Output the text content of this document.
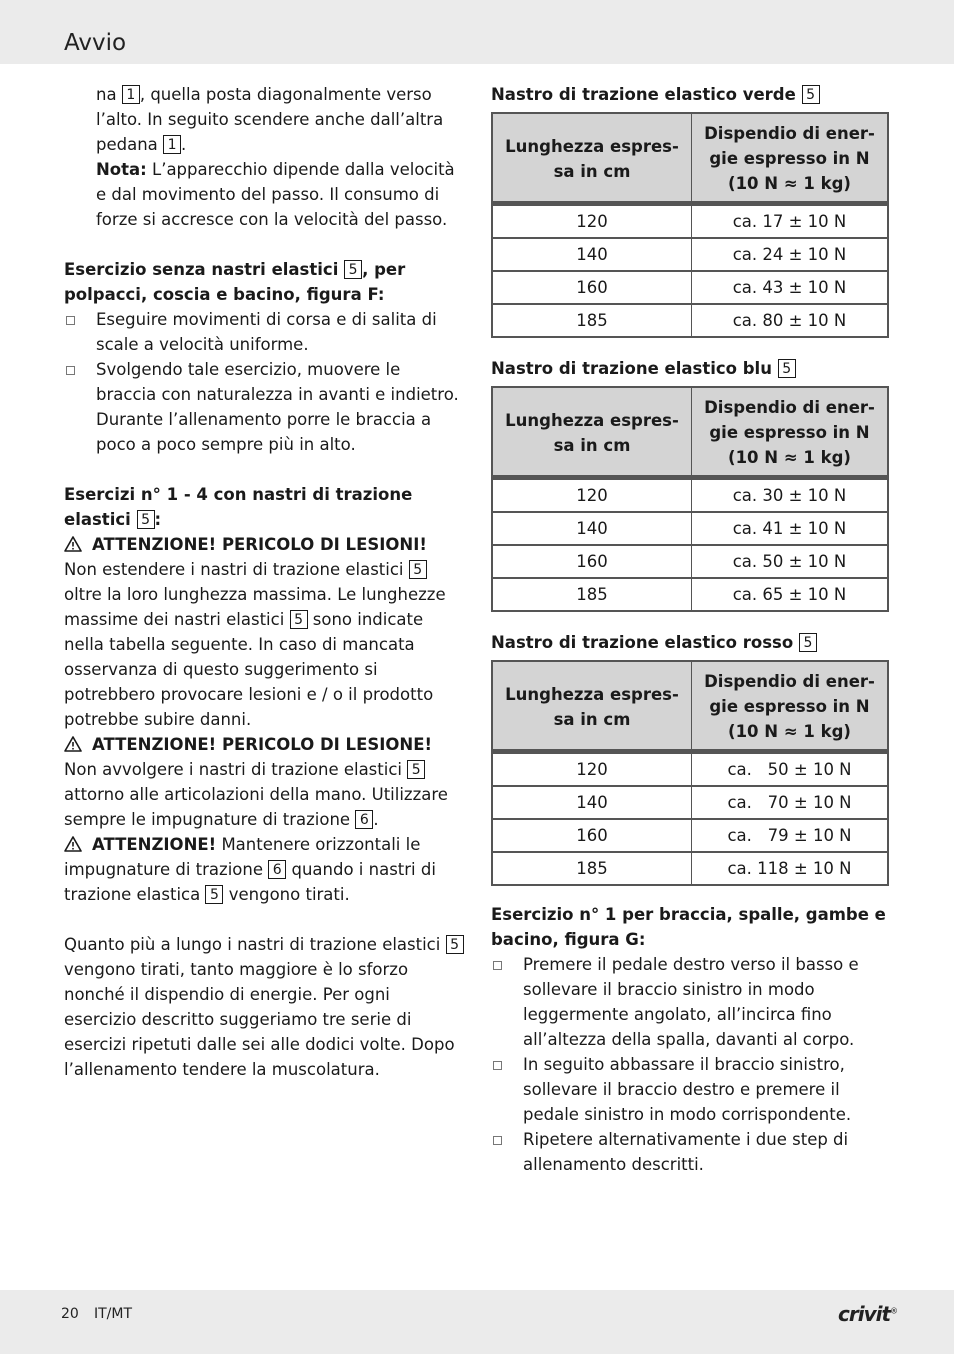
Avvio

na 1 , quella posta diagonalmente verso l’alto. In seguito scendere anche dall’altra pedana 1 .

Nota: L’apparecchio dipende dalla velocità e dal movimento del passo. Il consumo di forze si accresce con la velocità del passo.

Esercizio senza nastri elastici 5 , per polpacci, coscia e bacino, figura F:

Eseguire movimenti di corsa e di salita di scale a velocità uniforme.

Svolgendo tale esercizio, muovere le braccia con naturalezza in avanti e indietro. Durante l’allenamento porre le braccia a poco a poco sempre più in alto.

Esercizi n° 1 - 4 con nastri di trazione elastici 5 :

ATTENZIONE! PERICOLO DI LESIONI!

Non estendere i nastri di trazione elastici 5 oltre la loro lunghezza massima. Le lunghezze massime dei nastri elastici 5 sono indicate nella tabella seguente. In caso di mancata osservanza di questo suggerimento si potrebbero provocare lesioni e / o il prodotto potrebbe subire danni.

ATTENZIONE! PERICOLO DI LESIONE!

Non avvolgere i nastri di trazione elastici 5 attorno alle articolazioni della mano. Utilizzare sempre le impugnature di trazione 6 .

ATTENZIONE! Mantenere orizzontali le impugnature di trazione 6 quando i nastri di trazione elastica 5 vengono tirati.

Quanto più a lungo i nastri di trazione elastici 5 vengono tirati, tanto maggiore è lo sforzo nonché il dispendio di energie. Per ogni esercizio descritto suggeriamo tre serie di esercizi ripetuti dalle sei alle dodici volte. Dopo l’allenamento tendere la muscolatura.

Nastro di trazione elastico verde 5

Lunghezza espres-sa in cm	Dispendio di ener-gie espresso in N (10 N ≈ 1 kg)
120	ca. 17 ± 10 N
140	ca. 24 ± 10 N
160	ca. 43 ± 10 N
185	ca. 80 ± 10 N

Nastro di trazione elastico blu 5

Lunghezza espres-sa in cm	Dispendio di ener-gie espresso in N (10 N ≈ 1 kg)
120	ca. 30 ± 10 N
140	ca. 41 ± 10 N
160	ca. 50 ± 10 N
185	ca. 65 ± 10 N

Nastro di trazione elastico rosso 5

Lunghezza espres-sa in cm	Dispendio di ener-gie espresso in N (10 N ≈ 1 kg)
120	ca.   50 ± 10 N
140	ca.   70 ± 10 N
160	ca.   79 ± 10 N
185	ca. 118 ± 10 N

Esercizio n° 1 per braccia, spalle, gambe e bacino, figura G:

Premere il pedale destro verso il basso e sollevare il braccio sinistro in modo leggermente angolato, all’incirca fino all’altezza della spalla, davanti al corpo.

In seguito abbassare il braccio sinistro, sollevare il braccio destro e premere il pedale sinistro in modo corrispondente.

Ripetere alternativamente i due step di allenamento descritti.

20 IT/MT	crivit®
